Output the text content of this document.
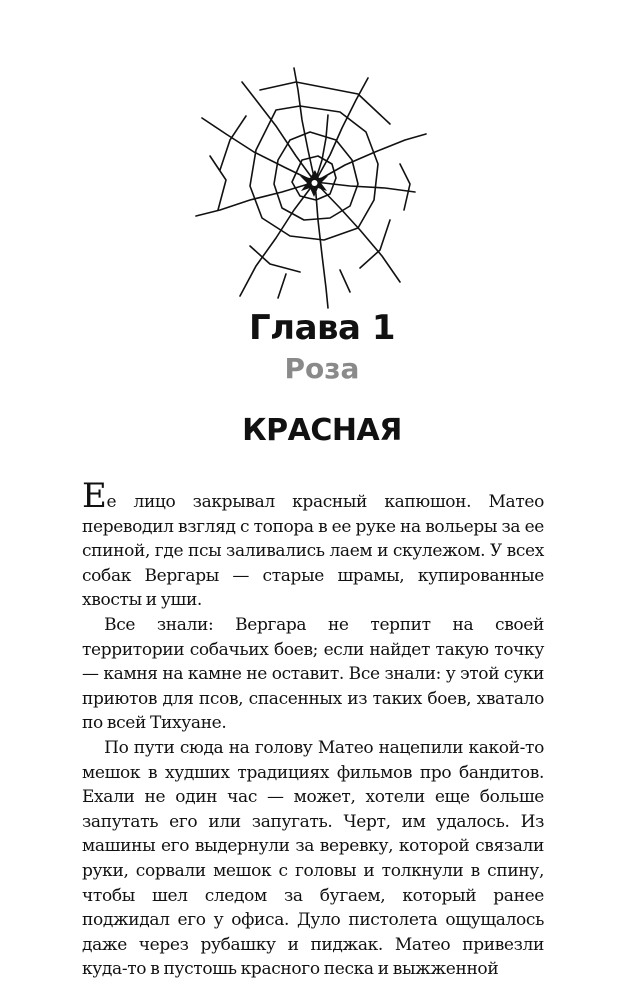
Глава 1
Роза
КРАСНАЯ

Ее лицо закрывал красный капюшон. Матео переводил взгляд с топора в ее руке на вольеры за ее спиной, где псы заливались лаем и скулежом. У всех собак Вергары — старые шрамы, купированные хвосты и уши.

Все знали: Вергара не терпит на своей территории собачьих боев; если найдет такую точку — камня на камне не оставит. Все знали: у этой суки приютов для псов, спасенных из таких боев, хватало по всей Тихуане.

По пути сюда на голову Матео нацепили какой-то мешок в худших традициях фильмов про бандитов. Ехали не один час — может, хотели еще больше запутать его или запугать. Черт, им удалось. Из машины его выдернули за веревку, которой связали руки, сорвали мешок с головы и толкнули в спину, чтобы шел следом за бугаем, который ранее поджидал его у офиса. Дуло пистолета ощущалось даже через рубашку и пиджак. Матео привезли куда-то в пустошь красного песка и выжженной
